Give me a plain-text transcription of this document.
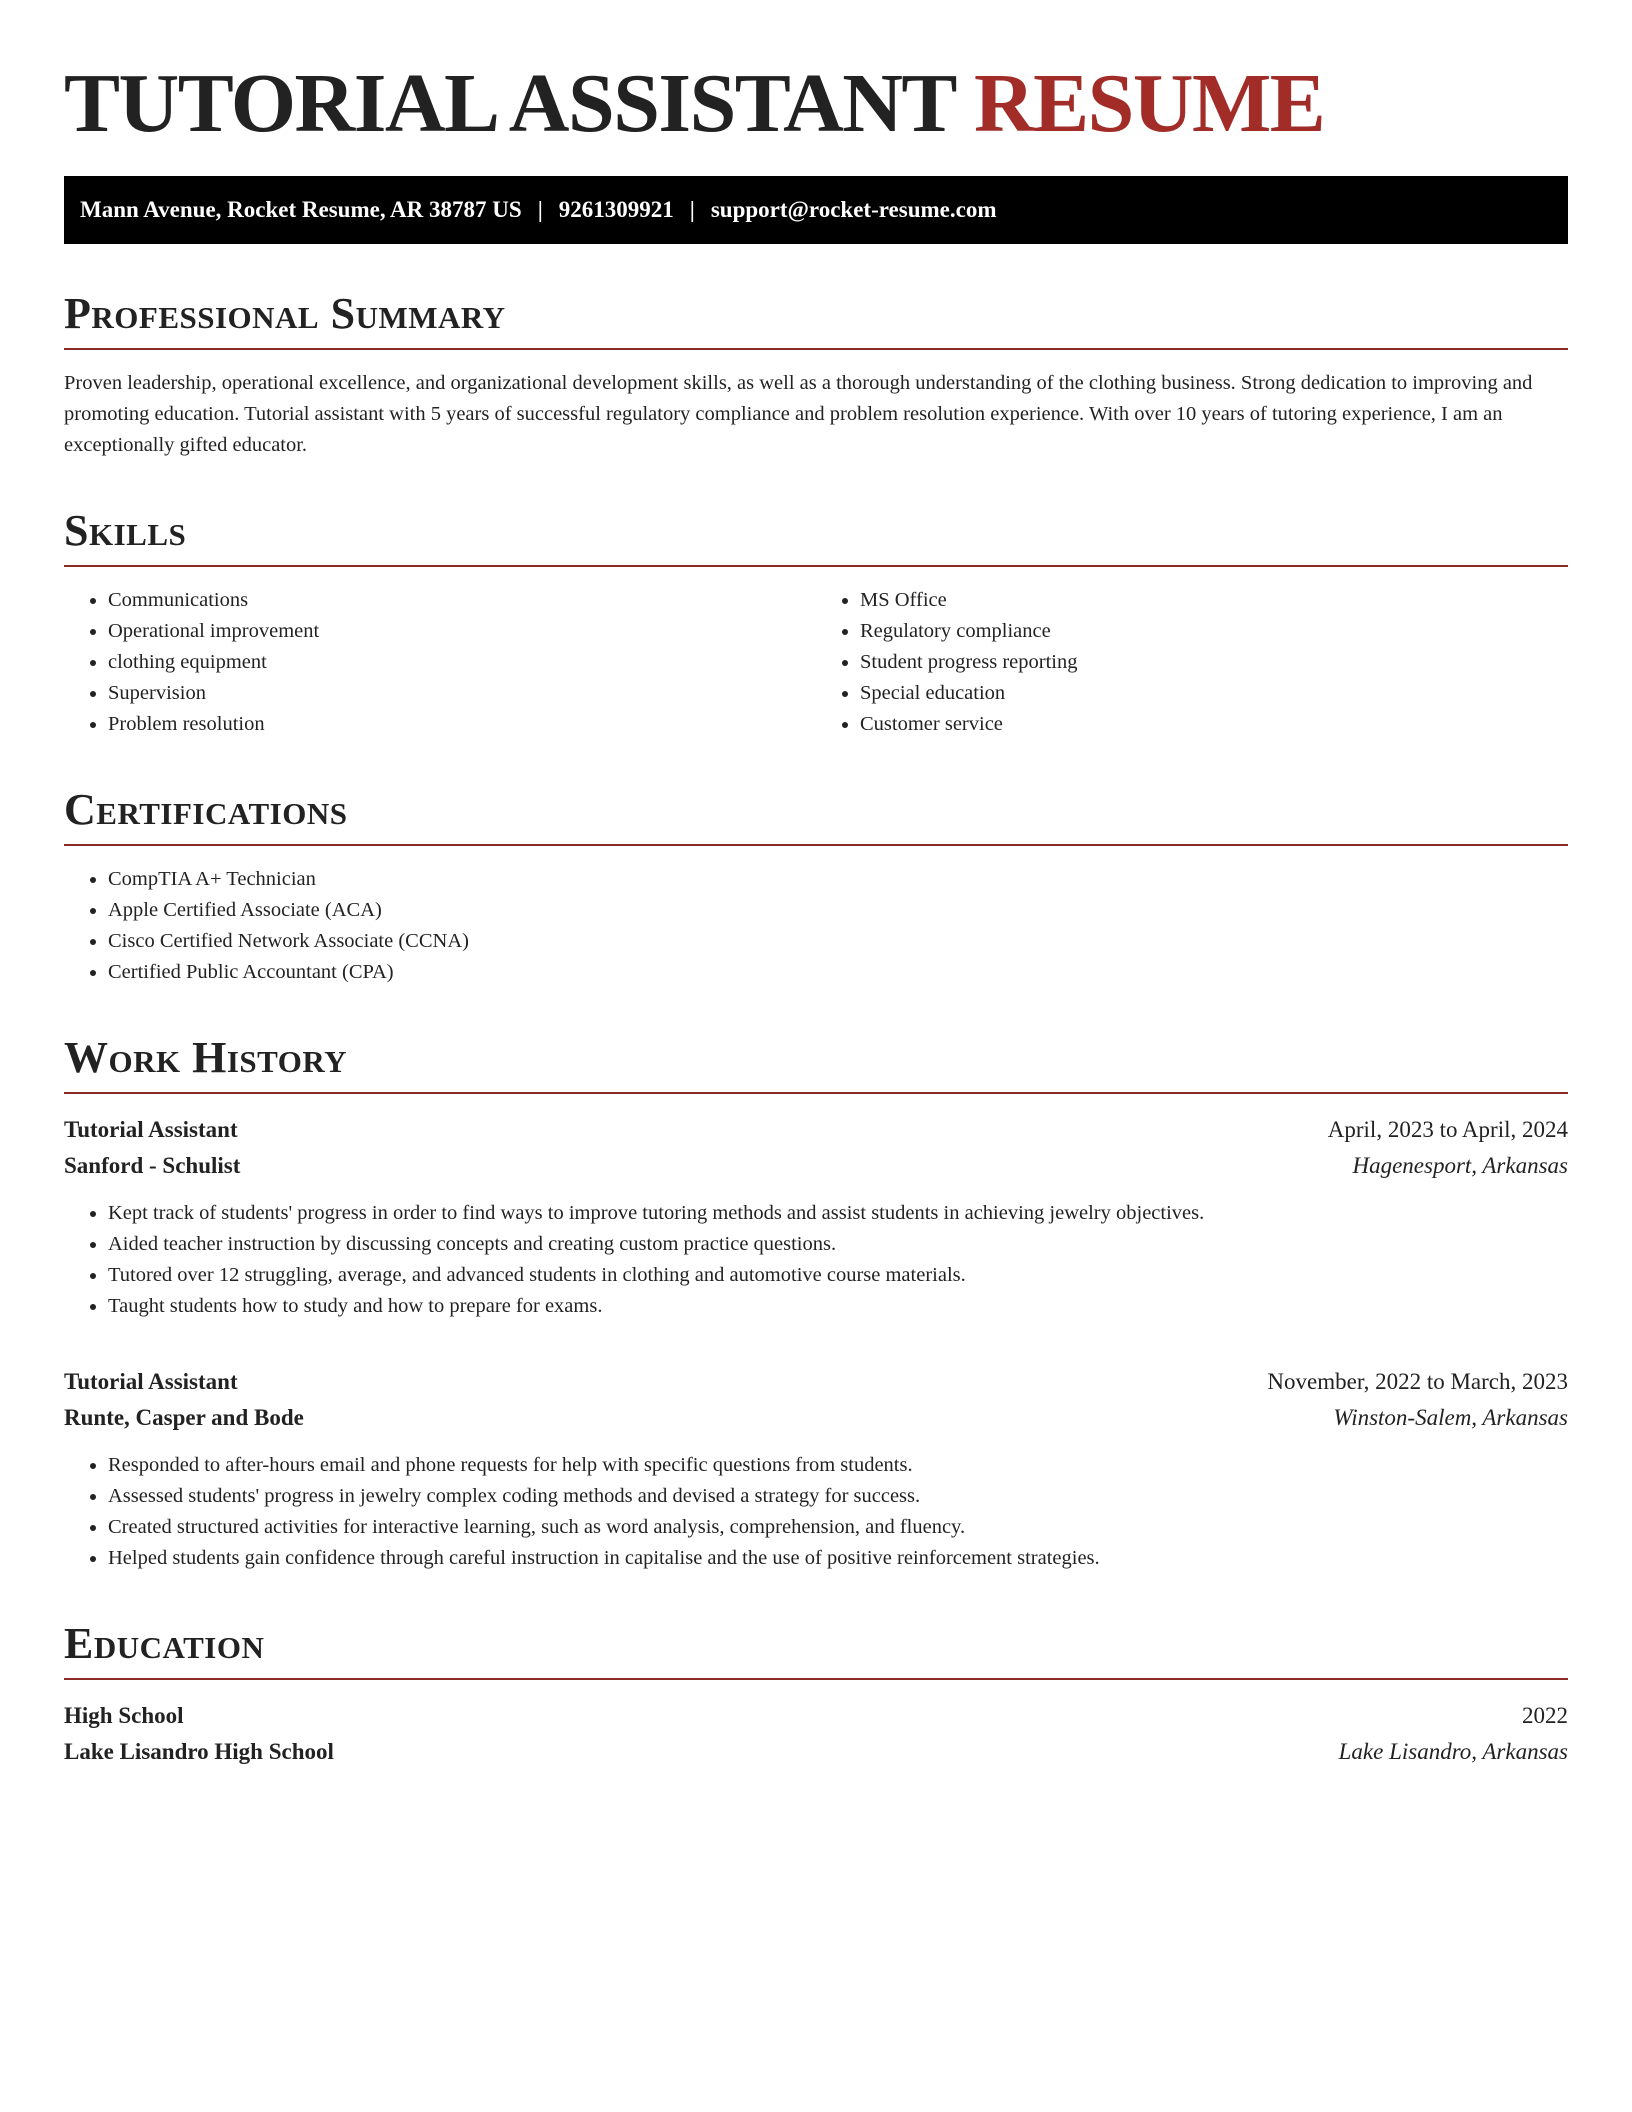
TUTORIAL ASSISTANT RESUME
Mann Avenue, Rocket Resume, AR 38787 US | 9261309921 | support@rocket-resume.com
Professional Summary

Proven leadership, operational excellence, and organizational development skills, as well as a thorough understanding of the clothing business. Strong dedication to improving and promoting education. Tutorial assistant with 5 years of successful regulatory compliance and problem resolution experience. With over 10 years of tutoring experience, I am an exceptionally gifted educator.

Skills
• Communications
• Operational improvement
• clothing equipment
• Supervision
• Problem resolution
• MS Office
• Regulatory compliance
• Student progress reporting
• Special education
• Customer service
Certifications
• CompTIA A+ Technician
• Apple Certified Associate (ACA)
• Cisco Certified Network Associate (CCNA)
• Certified Public Accountant (CPA)
Work History
Tutorial Assistant	April, 2023 to April, 2024
Sanford - Schulist	Hagenesport, Arkansas
• Kept track of students' progress in order to find ways to improve tutoring methods and assist students in achieving jewelry objectives.
• Aided teacher instruction by discussing concepts and creating custom practice questions.
• Tutored over 12 struggling, average, and advanced students in clothing and automotive course materials.
• Taught students how to study and how to prepare for exams.
Tutorial Assistant	November, 2022 to March, 2023
Runte, Casper and Bode	Winston-Salem, Arkansas
• Responded to after-hours email and phone requests for help with specific questions from students.
• Assessed students' progress in jewelry complex coding methods and devised a strategy for success.
• Created structured activities for interactive learning, such as word analysis, comprehension, and fluency.
• Helped students gain confidence through careful instruction in capitalise and the use of positive reinforcement strategies.
Education
High School	2022
Lake Lisandro High School	Lake Lisandro, Arkansas
